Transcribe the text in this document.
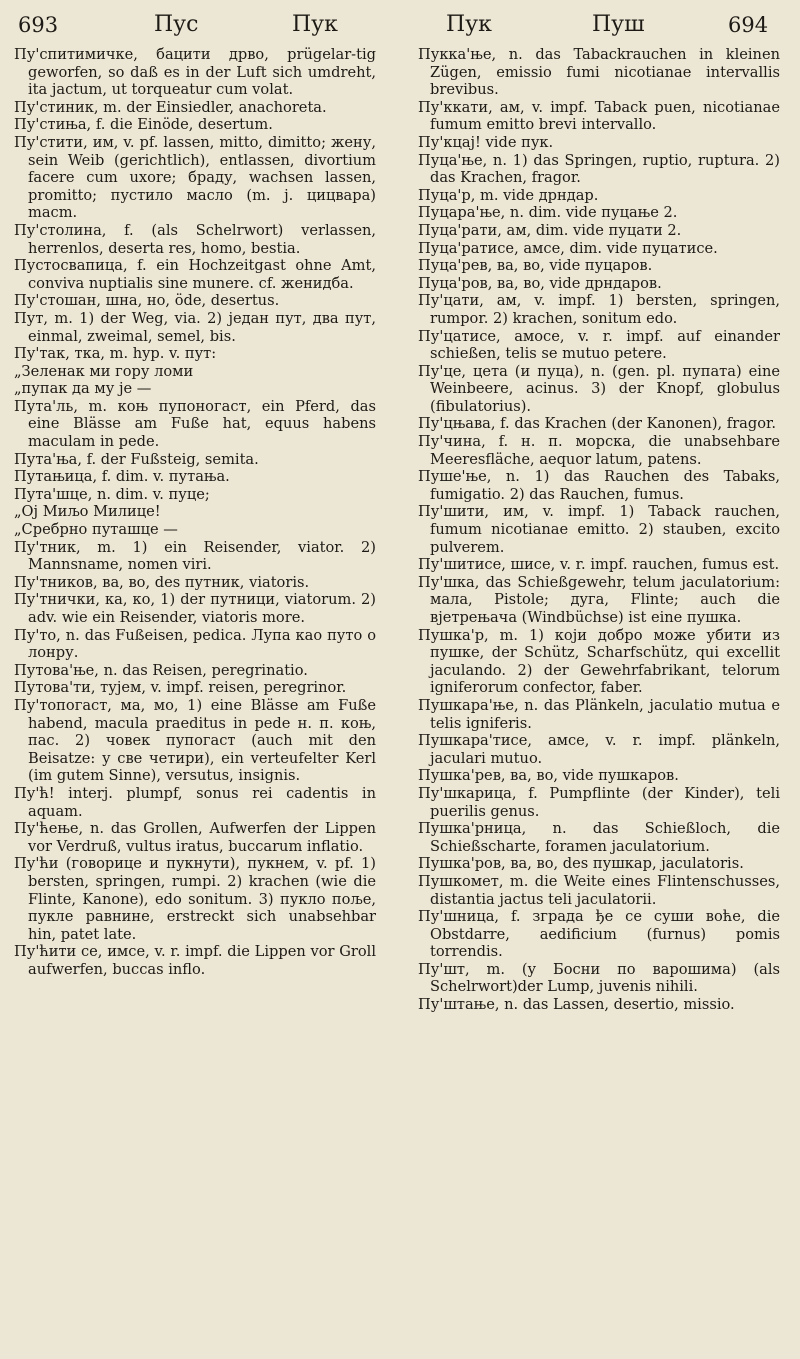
693	Пус	Пук	Пук	Пуш	694

Пу'спитимичке, бацити дрво, prügelar-tig geworfen, so daß es in der Luft sich umdreht, ita jactum, ut torqueatur cum volat.

Пу'стиник, m. der Einsiedler, anachoreta.

Пу'стиња, f. die Einöde, desertum.

Пу'стити, им, v. pf. lassen, mitto, dimitto; жену, sein Weib (gerichtlich), entlassen, divortium facere cum uxore; браду, wachsen lassen, promitto; пустило масло (m. j. цицвара) macm.

Пу'столина, f. (als Schelrwort) verlassen, herrenlos, deserta res, homo, bestia.

Пустосвапица, f. ein Hochzeitgast ohne Amt, conviva nuptialis sine munere. cf. женидба.

Пу'стошан, шна, но, öde, desertus.

Пут, m. 1) der Weg, via. 2) један пут, два пут, einmal, zweimal, semel, bis.

Пу'так, тка, m. hyp. v. пут:

„Зеленак ми гору ломи

„пупак да му је —

Пута'ль, m. коњ пупоногаст, ein Pferd, das eine Blässe am Fuße hat, equus habens maculam in pede.

Пута'ња, f. der Fußsteig, semita.

Путањица, f. dim. v. путања.

Пута'шце, n. dim. v. пуце;

„Ој Миљо Милице!

„Сребрно путашце —

Пу'тник, m. 1) ein Reisender, viator. 2) Mannsname, nomen viri.

Пу'тников, ва, во, des путник, viatoris.

Пу'тнички, ка, ко, 1) der путници, viatorum. 2) adv. wie ein Reisender, viatoris more.

Пу'то, n. das Fußeisen, pedica. Лупа као путо о лонру.

Путова'ње, n. das Reisen, peregrinatio.

Путова'ти, тујем, v. impf. reisen, peregrinor.

Пу'топогаст, ма, мо, 1) eine Blässe am Fuße habend, macula praeditus in pede н. п. коњ, пас. 2) човек пупогаст (auch mit den Beisatze: у све четири), ein verteufelter Kerl (im gutem Sinne), versutus, insignis.

Пу'ћ! interj. plumpf, sonus rei cadentis in aquam.

Пу'ћење, n. das Grollen, Aufwerfen der Lippen vor Verdruß, vultus iratus, buccarum inflatio.

Пу'ћи (говорице и пукнути), пукнем, v. pf. 1) bersten, springen, rumpi. 2) krachen (wie die Flinte, Kanone), edo sonitum. 3) пукло поље, пукле равнине, erstreckt sich unabsehbar hin, patet late.

Пу'ћити се, имсе, v. r. impf. die Lippen vor Groll aufwerfen, buccas inflo.

Пукка'ње, n. das Tabackrauchen in kleinen Zügen, emissio fumi nicotianae intervallis brevibus.

Пу'ккати, ам, v. impf. Taback puen, nicotianae fumum emitto brevi intervallo.

Пу'кцај! vide пук.

Пуца'ње, n. 1) das Springen, ruptio, ruptura. 2) das Krachen, fragor.

Пуца'р, m. vide дрндар.

Пуцара'ње, n. dim. vide пуцање 2.

Пуца'рати, ам, dim. vide пуцати 2.

Пуца'ратисе, амсе, dim. vide пуцатисе.

Пуца'рев, ва, во, vide пуцаров.

Пуца'ров, ва, во, vide дрндаров.

Пу'цати, ам, v. impf. 1) bersten, springen, rumpor. 2) krachen, sonitum edo.

Пу'цатисе, амосе, v. r. impf. auf einander schießen, telis se mutuo petere.

Пу'це, цета (и пуца), n. (gen. pl. пупата) eine Weinbeere, acinus. 3) der Knopf, globulus (fibulatorius).

Пу'цњава, f. das Krachen (der Kanonen), fragor.

Пу'чина, f. н. п. морска, die unabsehbare Meeresfläche, aequor latum, patens.

Пуше'ње, n. 1) das Rauchen des Tabaks, fumigatio. 2) das Rauchen, fumus.

Пу'шити, им, v. impf. 1) Taback rauchen, fumum nicotianae emitto. 2) stauben, excito pulverem.

Пу'шитисе, шисе, v. r. impf. rauchen, fumus est.

Пу'шка, das Schießgewehr, telum jaculatorium: мала, Pistole; дуга, Flinte; auch die вјетрењача (Windbüchse) ist eine пушка.

Пушка'р, m. 1) који добро може убити из пушке, der Schütz, Scharfschütz, qui excellit jaculando. 2) der Gewehrfabrikant, telorum igniferorum confector, faber.

Пушкара'ње, n. das Plänkeln, jaculatio mutua e telis igniferis.

Пушкара'тисе, амсе, v. r. impf. plänkeln, jaculari mutuo.

Пушка'рев, ва, во, vide пушкаров.

Пу'шкарица, f. Pumpflinte (der Kinder), teli puerilis genus.

Пушка'рница, n. das Schießloch, die Schießscharte, foramen jaculatorium.

Пушка'ров, ва, во, des пушкар, jaculatoris.

Пушкомет, m. die Weite eines Flintenschusses, distantia jactus teli jaculatorii.

Пу'шница, f. зграда ђе се суши воће, die Obstdarre, aedificium (furnus) pomis torrendis.

Пу'шт, m. (у Босни по варошима) (als Schelrwort)der Lump, juvenis nihili.

Пу'штање, n. das Lassen, desertio, missio.
